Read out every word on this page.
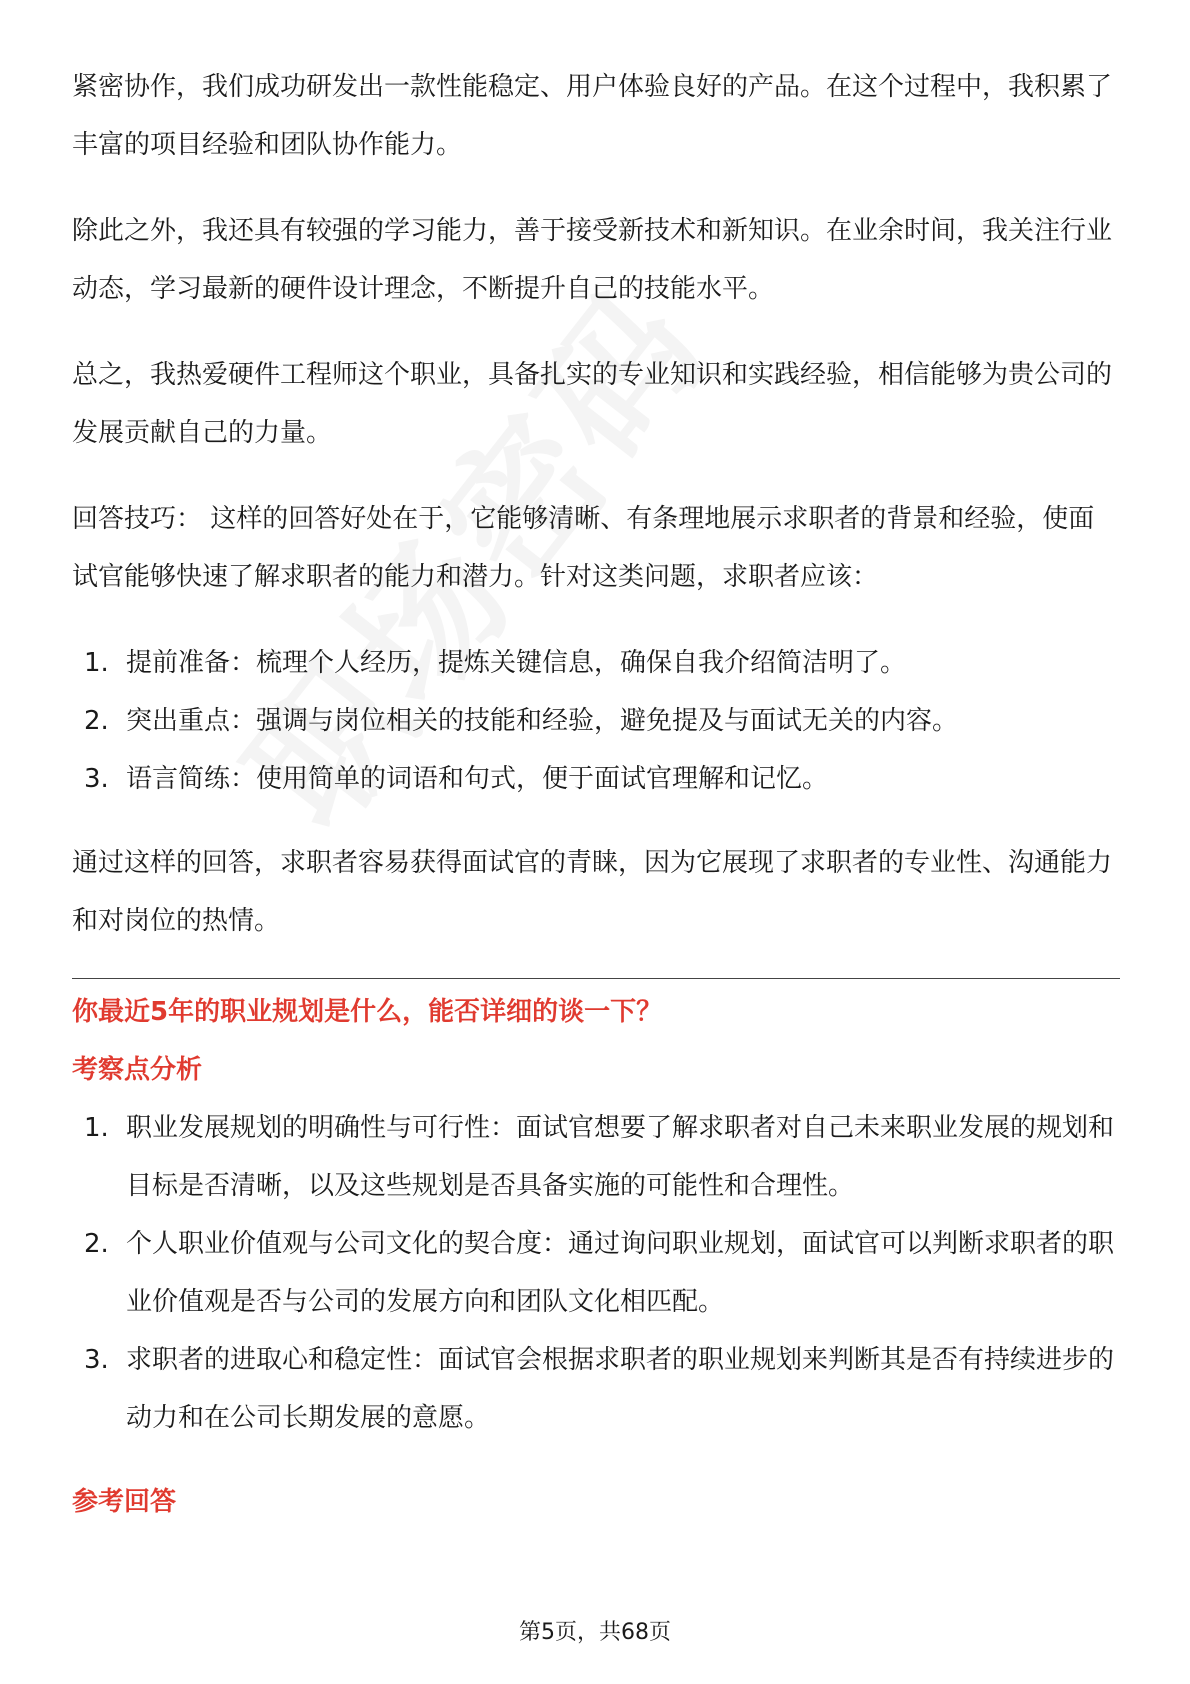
紧密协作，我们成功研发出一款性能稳定、用户体验良好的产品。在这个过程中，我积累了丰富的项目经验和团队协作能力。

除此之外，我还具有较强的学习能力，善于接受新技术和新知识。在业余时间，我关注行业动态，学习最新的硬件设计理念，不断提升自己的技能水平。

总之，我热爱硬件工程师这个职业，具备扎实的专业知识和实践经验，相信能够为贵公司的发展贡献自己的力量。

回答技巧： 这样的回答好处在于，它能够清晰、有条理地展示求职者的背景和经验，使面试官能够快速了解求职者的能力和潜力。针对这类问题，求职者应该：

1. 提前准备：梳理个人经历，提炼关键信息，确保自我介绍简洁明了。
2. 突出重点：强调与岗位相关的技能和经验，避免提及与面试无关的内容。
3. 语言简练：使用简单的词语和句式，便于面试官理解和记忆。

通过这样的回答，求职者容易获得面试官的青睐，因为它展现了求职者的专业性、沟通能力和对岗位的热情。

你最近5年的职业规划是什么，能否详细的谈一下？

考察点分析

1. 职业发展规划的明确性与可行性：面试官想要了解求职者对自己未来职业发展的规划和目标是否清晰，以及这些规划是否具备实施的可能性和合理性。
2. 个人职业价值观与公司文化的契合度：通过询问职业规划，面试官可以判断求职者的职业价值观是否与公司的发展方向和团队文化相匹配。
3. 求职者的进取心和稳定性：面试官会根据求职者的职业规划来判断其是否有持续进步的动力和在公司长期发展的意愿。

参考回答

第5页，共68页
